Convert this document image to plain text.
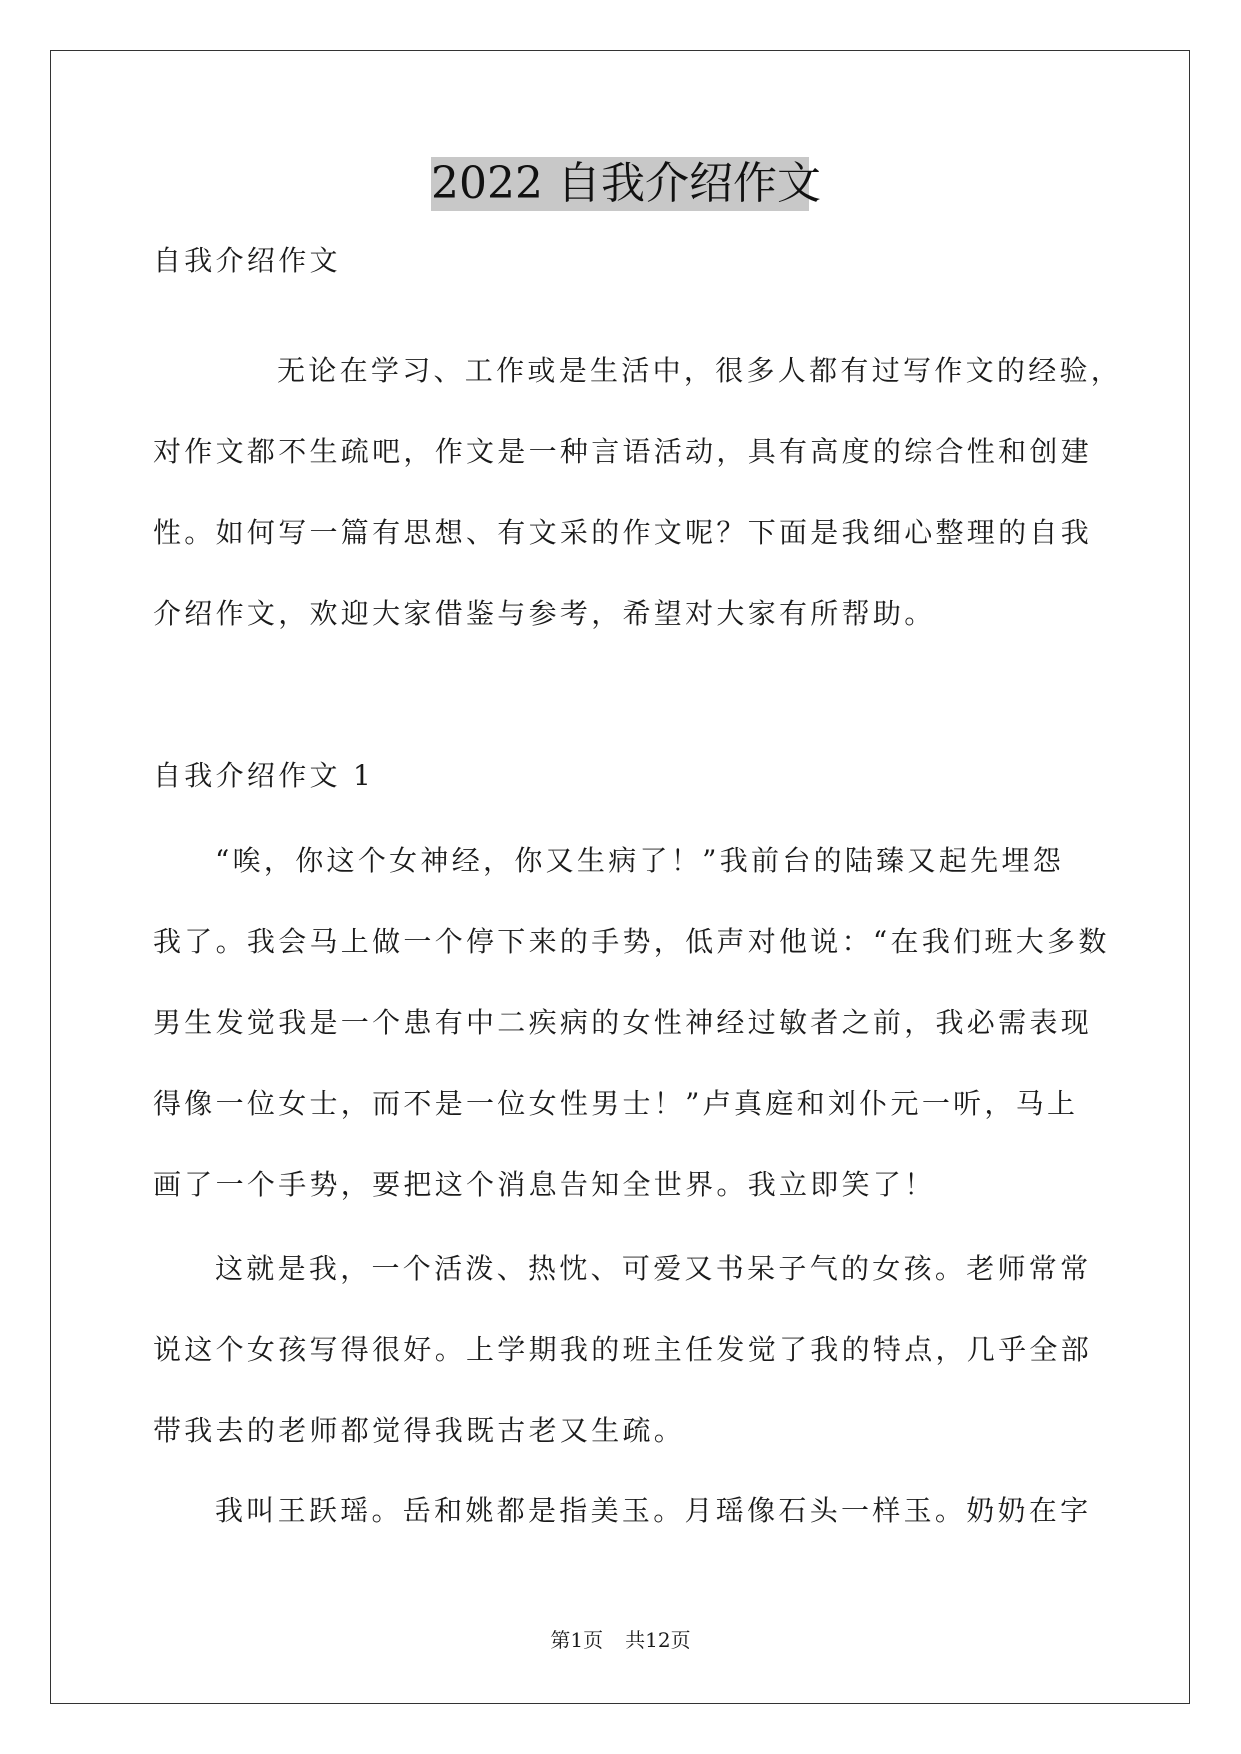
2022 自我介绍作文
自我介绍作文
无论在学习、工作或是生活中，很多人都有过写作文的经验，
对作文都不生疏吧，作文是一种言语活动，具有高度的综合性和创建
性。如何写一篇有思想、有文采的作文呢？下面是我细心整理的自我
介绍作文，欢迎大家借鉴与参考，希望对大家有所帮助。
自我介绍作文 1
“唉，你这个女神经，你又生病了！”我前台的陆臻又起先埋怨
我了。我会马上做一个停下来的手势，低声对他说：“在我们班大多数
男生发觉我是一个患有中二疾病的女性神经过敏者之前，我必需表现
得像一位女士，而不是一位女性男士！”卢真庭和刘仆元一听，马上
画了一个手势，要把这个消息告知全世界。我立即笑了！
这就是我，一个活泼、热忱、可爱又书呆子气的女孩。老师常常
说这个女孩写得很好。上学期我的班主任发觉了我的特点，几乎全部
带我去的老师都觉得我既古老又生疏。
我叫王跃瑶。岳和姚都是指美玉。月瑶像石头一样玉。奶奶在字
第1页 共12页
